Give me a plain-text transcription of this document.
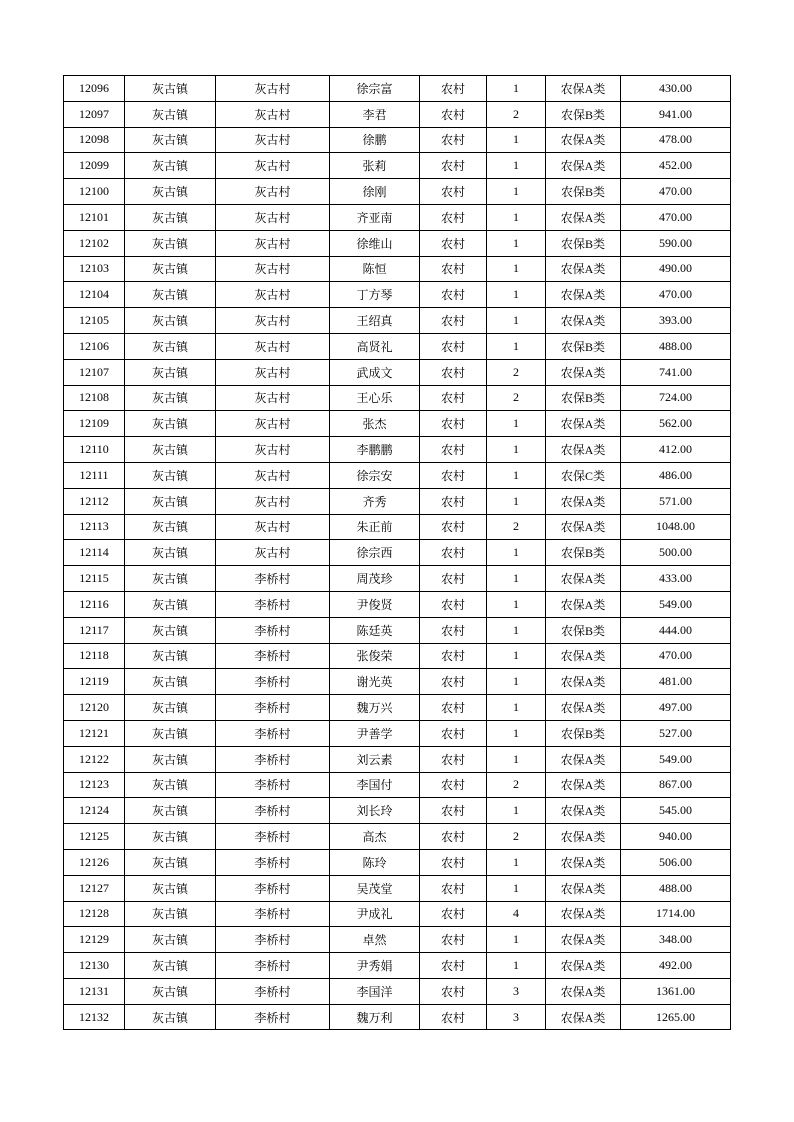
12096	灰古镇	灰古村	徐宗富	农村	1	农保A类	430.00
12097	灰古镇	灰古村	李君	农村	2	农保B类	941.00
12098	灰古镇	灰古村	徐鹏	农村	1	农保A类	478.00
12099	灰古镇	灰古村	张莉	农村	1	农保A类	452.00
12100	灰古镇	灰古村	徐刚	农村	1	农保B类	470.00
12101	灰古镇	灰古村	齐亚南	农村	1	农保A类	470.00
12102	灰古镇	灰古村	徐维山	农村	1	农保B类	590.00
12103	灰古镇	灰古村	陈恒	农村	1	农保A类	490.00
12104	灰古镇	灰古村	丁方琴	农村	1	农保A类	470.00
12105	灰古镇	灰古村	王绍真	农村	1	农保A类	393.00
12106	灰古镇	灰古村	高贤礼	农村	1	农保B类	488.00
12107	灰古镇	灰古村	武成文	农村	2	农保A类	741.00
12108	灰古镇	灰古村	王心乐	农村	2	农保B类	724.00
12109	灰古镇	灰古村	张杰	农村	1	农保A类	562.00
12110	灰古镇	灰古村	李鹏鹏	农村	1	农保A类	412.00
12111	灰古镇	灰古村	徐宗安	农村	1	农保C类	486.00
12112	灰古镇	灰古村	齐秀	农村	1	农保A类	571.00
12113	灰古镇	灰古村	朱正前	农村	2	农保A类	1048.00
12114	灰古镇	灰古村	徐宗西	农村	1	农保B类	500.00
12115	灰古镇	李桥村	周茂珍	农村	1	农保A类	433.00
12116	灰古镇	李桥村	尹俊贤	农村	1	农保A类	549.00
12117	灰古镇	李桥村	陈廷英	农村	1	农保B类	444.00
12118	灰古镇	李桥村	张俊荣	农村	1	农保A类	470.00
12119	灰古镇	李桥村	谢光英	农村	1	农保A类	481.00
12120	灰古镇	李桥村	魏万兴	农村	1	农保A类	497.00
12121	灰古镇	李桥村	尹善学	农村	1	农保B类	527.00
12122	灰古镇	李桥村	刘云素	农村	1	农保A类	549.00
12123	灰古镇	李桥村	李国付	农村	2	农保A类	867.00
12124	灰古镇	李桥村	刘长玲	农村	1	农保A类	545.00
12125	灰古镇	李桥村	高杰	农村	2	农保A类	940.00
12126	灰古镇	李桥村	陈玲	农村	1	农保A类	506.00
12127	灰古镇	李桥村	吴茂堂	农村	1	农保A类	488.00
12128	灰古镇	李桥村	尹成礼	农村	4	农保A类	1714.00
12129	灰古镇	李桥村	卓然	农村	1	农保A类	348.00
12130	灰古镇	李桥村	尹秀娟	农村	1	农保A类	492.00
12131	灰古镇	李桥村	李国洋	农村	3	农保A类	1361.00
12132	灰古镇	李桥村	魏万利	农村	3	农保A类	1265.00
